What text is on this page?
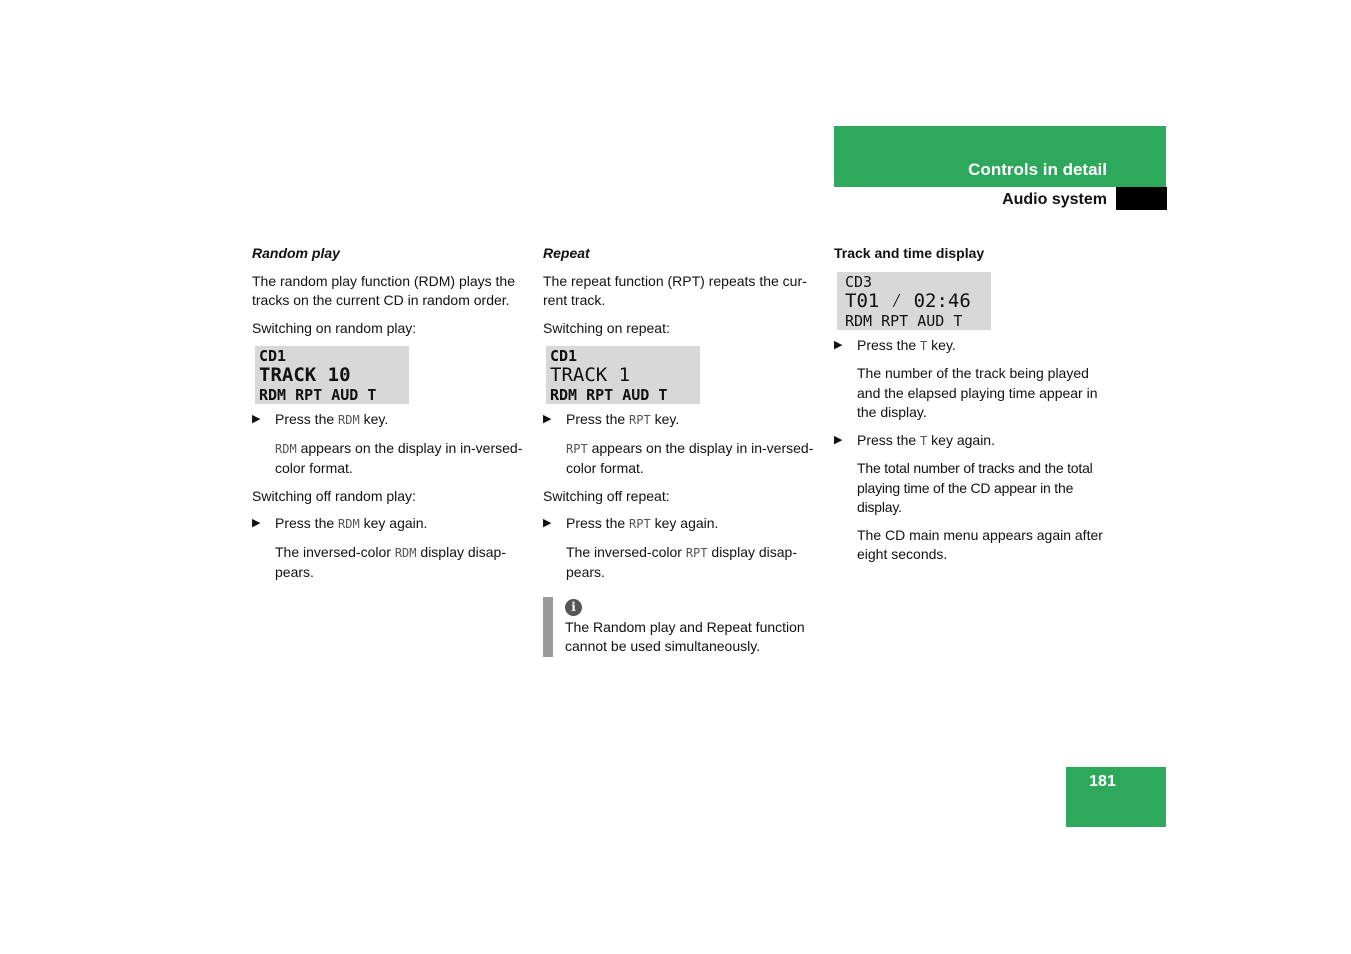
Controls in detail
Audio system

Random play

The random play function (RDM) plays the tracks on the current CD in random order.

Switching on random play:

CD1
TRACK 10
RDM RPT AUD T
▶ Press the RDM key.

RDM appears on the display in in-versed-color format.

Switching off random play:

▶ Press the RDM key again.

The inversed-color RDM display disap-pears.

Repeat

The repeat function (RPT) repeats the cur-rent track.

Switching on repeat:

CD1
TRACK 1
RDM RPT AUD T
▶ Press the RPT key.

RPT appears on the display in in-versed-color format.

Switching off repeat:

▶ Press the RPT key again.

The inversed-color RPT display disap-pears.

i
The Random play and Repeat function cannot be used simultaneously.

Track and time display

CD3
T01 ⁄ 02:46
RDM RPT AUD T
▶ Press the T key.

The number of the track being played and the elapsed playing time appear in the display.

▶ Press the T key again.

The total number of tracks and the total playing time of the CD appear in the display.

The CD main menu appears again after eight seconds.

181
